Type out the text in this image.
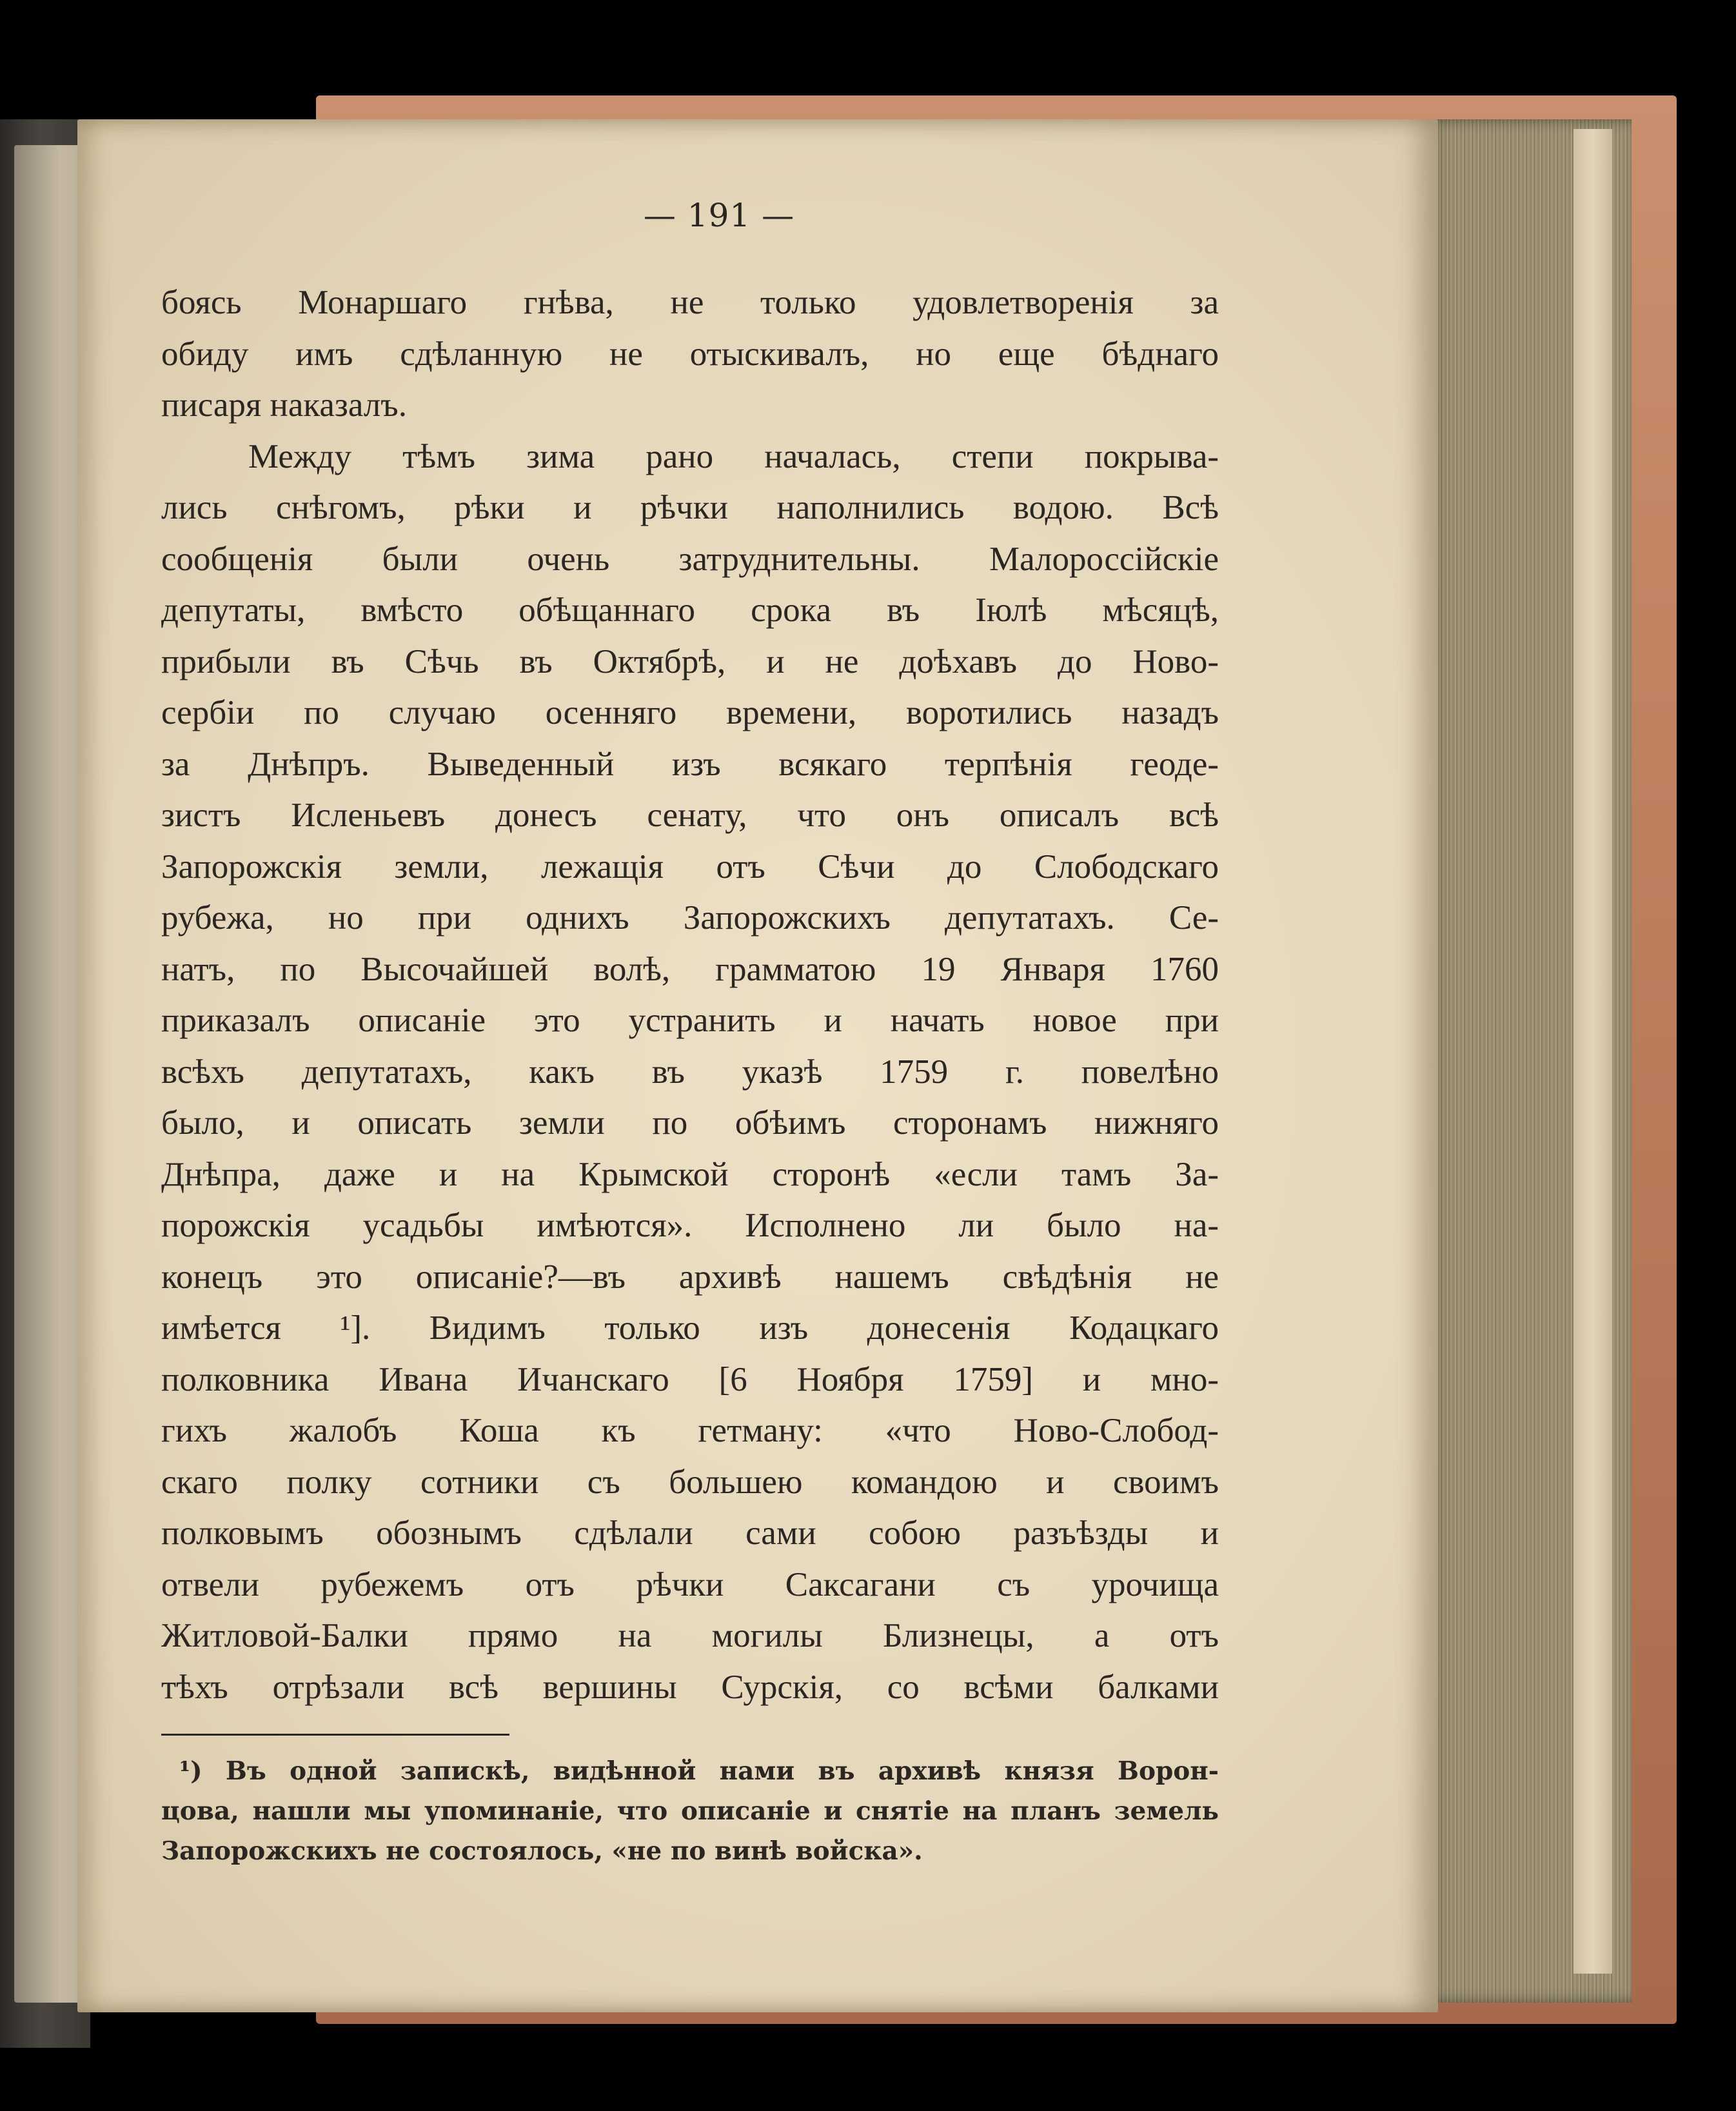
— 191 —
боясь Монаршаго гнѣва, не только удовлетворенія за
обиду имъ сдѣланную не отыскивалъ, но еще бѣднаго
писаря наказалъ.
Между тѣмъ зима рано началась, степи покрыва-
лись снѣгомъ, рѣки и рѣчки наполнились водою. Всѣ
сообщенія были очень затруднительны. Малороссійскіе
депутаты, вмѣсто обѣщаннаго срока въ Іюлѣ мѣсяцѣ,
прибыли въ Сѣчь въ Октябрѣ, и не доѣхавъ до Ново-
сербіи по случаю осенняго времени, воротились назадъ
за Днѣпръ. Выведенный изъ всякаго терпѣнія геоде-
зистъ Исленьевъ донесъ сенату, что онъ описалъ всѣ
Запорожскія земли, лежащія отъ Сѣчи до Слободскаго
рубежа, но при однихъ Запорожскихъ депутатахъ. Се-
натъ, по Высочайшей волѣ, грамматою 19 Января 1760
приказалъ описаніе это устранить и начать новое при
всѣхъ депутатахъ, какъ въ указѣ 1759 г. повелѣно
было, и описать земли по обѣимъ сторонамъ нижняго
Днѣпра, даже и на Крымской сторонѣ «если тамъ За-
порожскія усадьбы имѣются». Исполнено ли было на-
конецъ это описаніе?—въ архивѣ нашемъ свѣдѣнія не
имѣется ¹]. Видимъ только изъ донесенія Кодацкаго
полковника Ивана Ичанскаго [6 Ноября 1759] и мно-
гихъ жалобъ Коша къ гетману: «что Ново-Слобод-
скаго полку сотники съ большею командою и своимъ
полковымъ обознымъ сдѣлали сами собою разъѣзды и
отвели рубежемъ отъ рѣчки Саксагани съ урочища
Житловой-Балки прямо на могилы Близнецы, а отъ
тѣхъ отрѣзали всѣ вершины Сурскія, со всѣми балками
¹) Въ одной запискѣ, видѣнной нами въ архивѣ князя Ворон-
цова, нашли мы упоминаніе, что описаніе и снятіе на планъ земель
Запорожскихъ не состоялось, «не по винѣ войска».
